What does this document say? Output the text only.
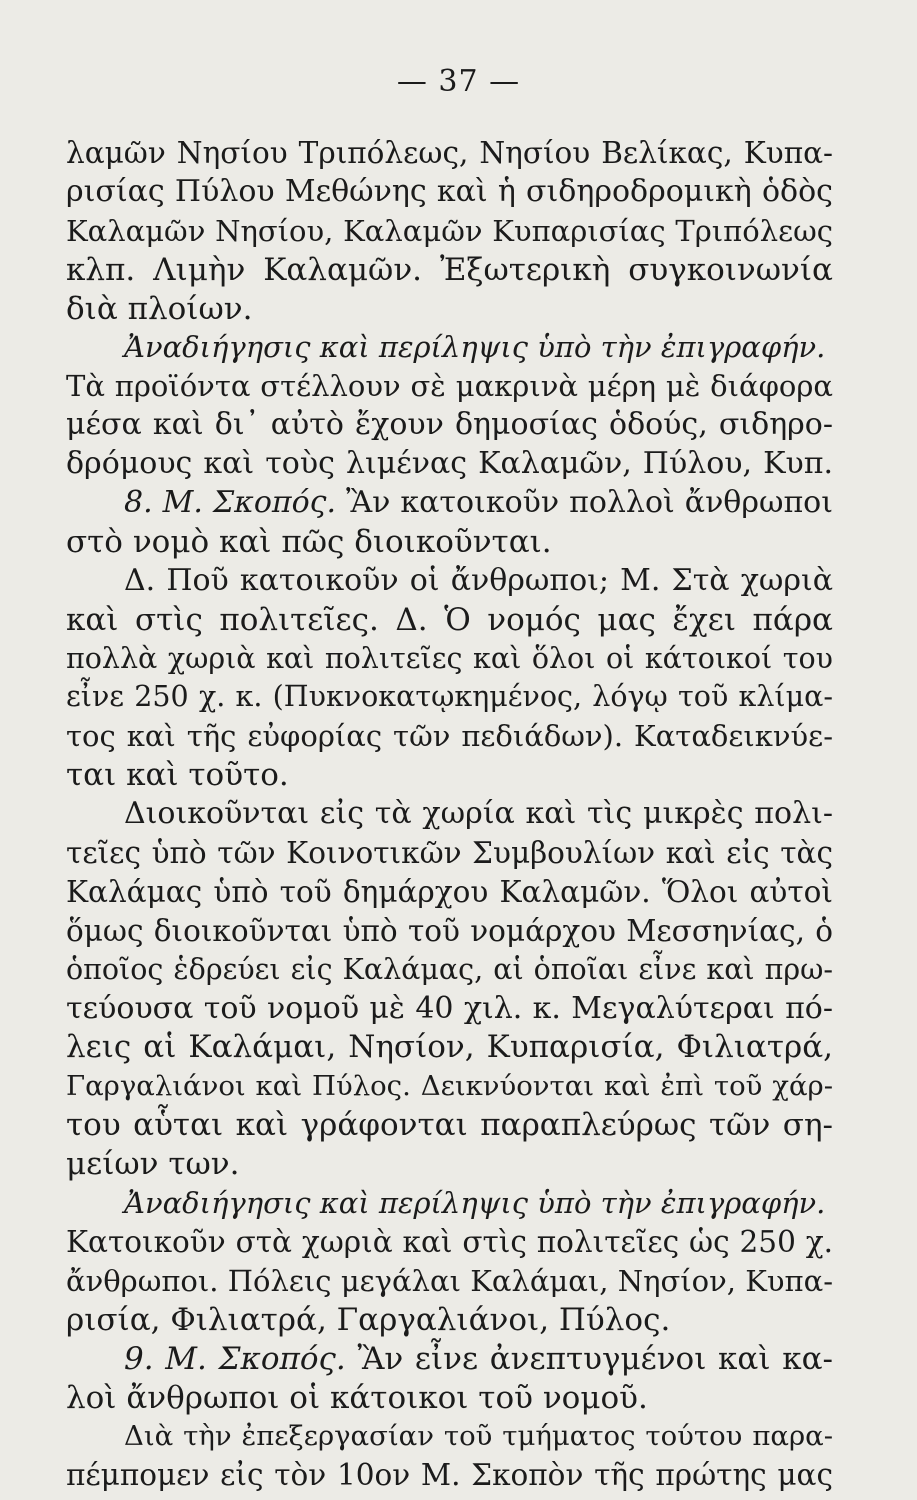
— 37 —
λαμῶν Νησίου Τριπόλεως, Νησίου Βελίκας, Κυπα-
ρισίας Πύλου Μεθώνης καὶ ἡ σιδηροδρομικὴ ὁδὸς
Καλαμῶν Νησίου, Καλαμῶν Κυπαρισίας Τριπόλεως
κλπ. Λιμὴν Καλαμῶν. Ἐξωτερικὴ συγκοινωνία
διὰ πλοίων.
Ἀναδιήγησις καὶ περίληψις ὑπὸ τὴν ἐπιγραφήν.
Τὰ προϊόντα στέλλουν σὲ μακρινὰ μέρη μὲ διάφορα
μέσα καὶ δι᾽ αὐτὸ ἔχουν δημοσίας ὁδούς, σιδηρο-
δρόμους καὶ τοὺς λιμένας Καλαμῶν, Πύλου, Κυπ.
8. Μ. Σκοπός. Ἂν κατοικοῦν πολλοὶ ἄνθρωποι
στὸ νομὸ καὶ πῶς διοικοῦνται.
Δ. Ποῦ κατοικοῦν οἱ ἄνθρωποι; Μ. Στὰ χωριὰ
καὶ στὶς πολιτεῖες. Δ. Ὁ νομός μας ἔχει πάρα
πολλὰ χωριὰ καὶ πολιτεῖες καὶ ὅλοι οἱ κάτοικοί του
εἶνε 250 χ. κ. (Πυκνοκατῳκημένος, λόγῳ τοῦ κλίμα-
τος καὶ τῆς εὐφορίας τῶν πεδιάδων). Καταδεικνύε-
ται καὶ τοῦτο.
Διοικοῦνται εἰς τὰ χωρία καὶ τὶς μικρὲς πολι-
τεῖες ὑπὸ τῶν Κοινοτικῶν Συμβουλίων καὶ εἰς τὰς
Καλάμας ὑπὸ τοῦ δημάρχου Καλαμῶν. Ὅλοι αὐτοὶ
ὅμως διοικοῦνται ὑπὸ τοῦ νομάρχου Μεσσηνίας, ὁ
ὁποῖος ἑδρεύει εἰς Καλάμας, αἱ ὁποῖαι εἶνε καὶ πρω-
τεύουσα τοῦ νομοῦ μὲ 40 χιλ. κ. Μεγαλύτεραι πό-
λεις αἱ Καλάμαι, Νησίον, Κυπαρισία, Φιλιατρά,
Γαργαλιάνοι καὶ Πύλος. Δεικνύονται καὶ ἐπὶ τοῦ χάρ-
του αὗται καὶ γράφονται παραπλεύρως τῶν ση-
μείων των.
Ἀναδιήγησις καὶ περίληψις ὑπὸ τὴν ἐπιγραφήν.
Κατοικοῦν στὰ χωριὰ καὶ στὶς πολιτεῖες ὡς 250 χ.
ἄνθρωποι. Πόλεις μεγάλαι Καλάμαι, Νησίον, Κυπα-
ρισία, Φιλιατρά, Γαργαλιάνοι, Πύλος.
9. Μ. Σκοπός. Ἂν εἶνε ἀνεπτυγμένοι καὶ κα-
λοὶ ἄνθρωποι οἱ κάτοικοι τοῦ νομοῦ.
Διὰ τὴν ἐπεξεργασίαν τοῦ τμήματος τούτου παρα-
πέμπομεν εἰς τὸν 10ον Μ. Σκοπὸν τῆς πρώτης μας
